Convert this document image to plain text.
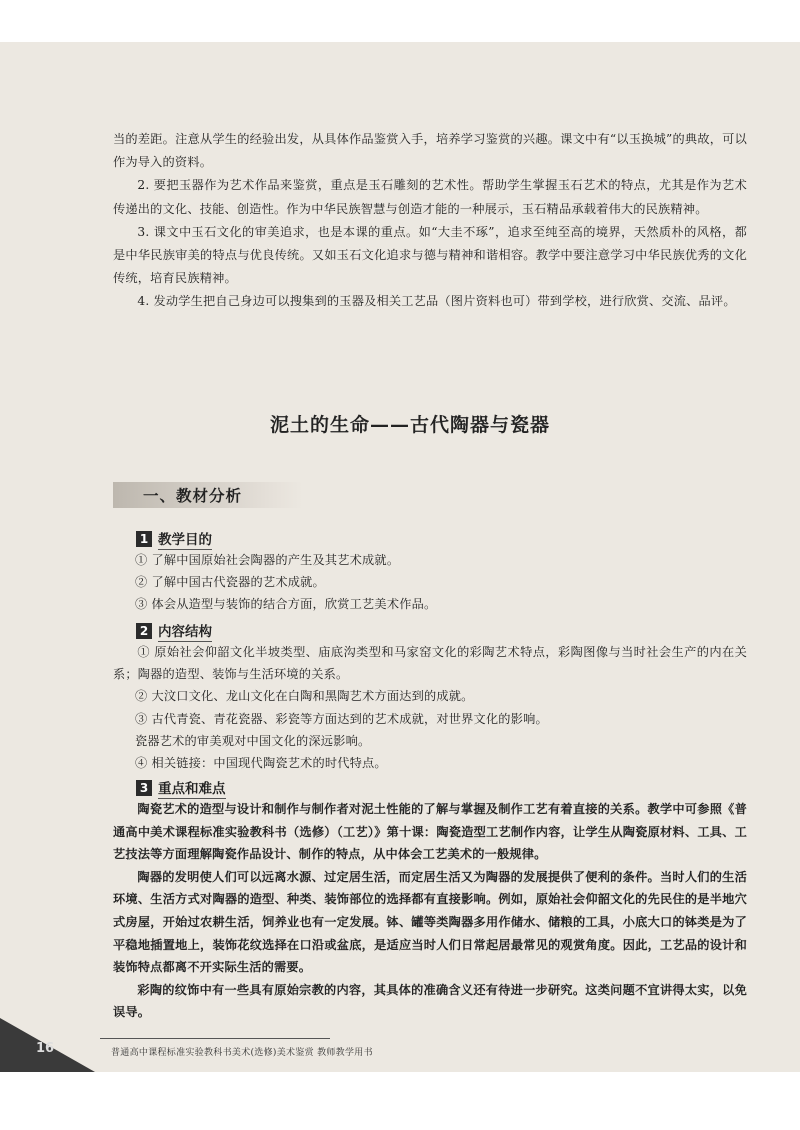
当的差距。注意从学生的经验出发，从具体作品鉴赏入手，培养学习鉴赏的兴趣。课文中有“以玉换城”的典故，可以作为导入的资料。

2. 要把玉器作为艺术作品来鉴赏，重点是玉石雕刻的艺术性。帮助学生掌握玉石艺术的特点，尤其是作为艺术传递出的文化、技能、创造性。作为中华民族智慧与创造才能的一种展示，玉石精品承载着伟大的民族精神。

3. 课文中玉石文化的审美追求，也是本课的重点。如“大圭不琢”，追求至纯至高的境界，天然质朴的风格，都是中华民族审美的特点与优良传统。又如玉石文化追求与德与精神和谐相容。教学中要注意学习中华民族优秀的文化传统，培育民族精神。

4. 发动学生把自己身边可以搜集到的玉器及相关工艺品（图片资料也可）带到学校，进行欣赏、交流、品评。

泥土的生命——古代陶器与瓷器
一、教材分析
1 教学目的

① 了解中国原始社会陶器的产生及其艺术成就。

② 了解中国古代瓷器的艺术成就。

③ 体会从造型与装饰的结合方面，欣赏工艺美术作品。

2 内容结构

① 原始社会仰韶文化半坡类型、庙底沟类型和马家窑文化的彩陶艺术特点，彩陶图像与当时社会生产的内在关系；陶器的造型、装饰与生活环境的关系。

② 大汶口文化、龙山文化在白陶和黑陶艺术方面达到的成就。

③ 古代青瓷、青花瓷器、彩瓷等方面达到的艺术成就，对世界文化的影响。

瓷器艺术的审美观对中国文化的深远影响。

④ 相关链接：中国现代陶瓷艺术的时代特点。

3 重点和难点

陶瓷艺术的造型与设计和制作与制作者对泥土性能的了解与掌握及制作工艺有着直接的关系。教学中可参照《普通高中美术课程标准实验教科书（选修）（工艺）》第十课：陶瓷造型工艺制作内容，让学生从陶瓷原材料、工具、工艺技法等方面理解陶瓷作品设计、制作的特点，从中体会工艺美术的一般规律。

陶器的发明使人们可以远离水源、过定居生活，而定居生活又为陶器的发展提供了便利的条件。当时人们的生活环境、生活方式对陶器的造型、种类、装饰部位的选择都有直接影响。例如，原始社会仰韶文化的先民住的是半地穴式房屋，开始过农耕生活，饲养业也有一定发展。钵、罐等类陶器多用作储水、储粮的工具，小底大口的钵类是为了平稳地插置地上，装饰花纹选择在口沿或盆底，是适应当时人们日常起居最常见的观赏角度。因此，工艺品的设计和装饰特点都离不开实际生活的需要。

彩陶的纹饰中有一些具有原始宗教的内容，其具体的准确含义还有待进一步研究。这类问题不宜讲得太实，以免误导。

16	普通高中课程标准实验教科书美术(选修)美术鉴赏 教师教学用书
